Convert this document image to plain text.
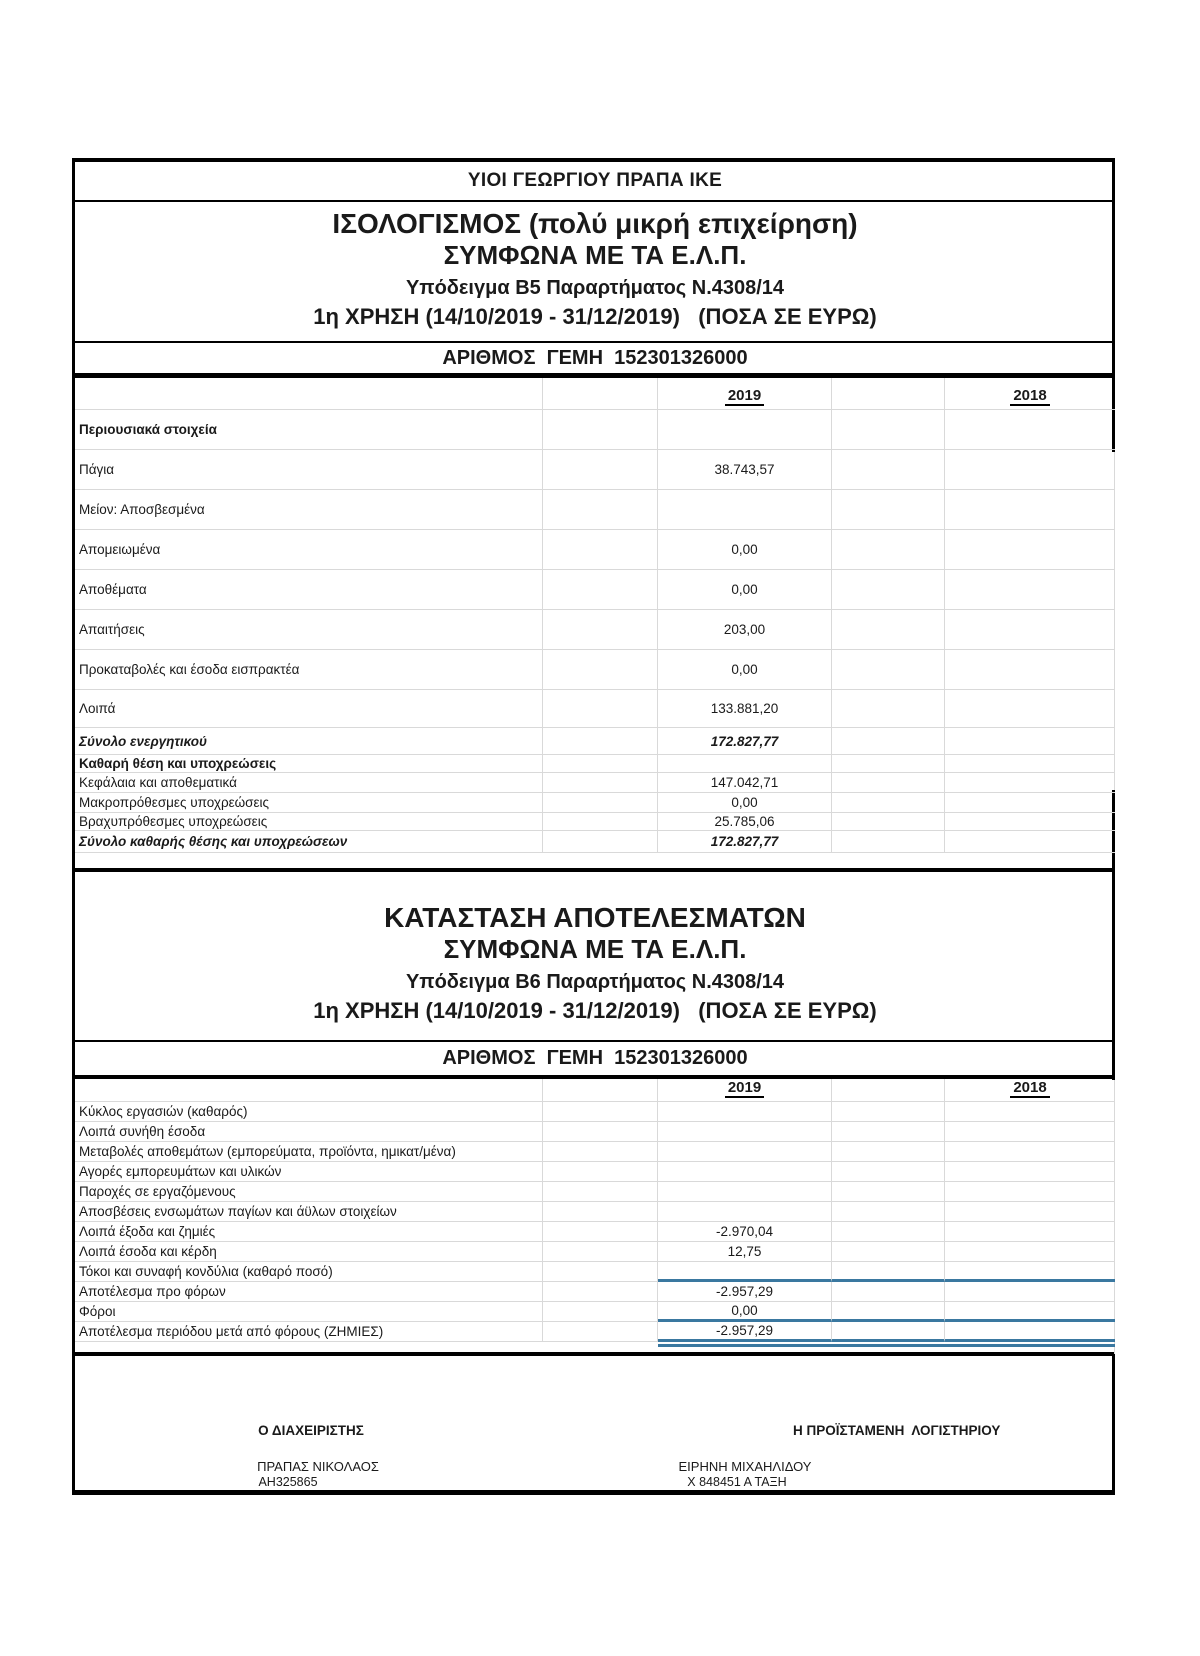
ΥΙΟΙ ΓΕΩΡΓΙΟΥ ΠΡΑΠΑ ΙΚΕ
ΙΣΟΛΟΓΙΣΜΟΣ (πολύ μικρή επιχείρηση)
ΣΥΜΦΩΝΑ ΜΕ ΤΑ Ε.Λ.Π.
Υπόδειγμα Β5 Παραρτήματος Ν.4308/14
1η ΧΡΗΣΗ (14/10/2019 - 31/12/2019)   (ΠΟΣΑ ΣΕ ΕΥΡΩ)
ΑΡΙΘΜΟΣ  ΓΕΜΗ  152301326000
2019	2018
Περιουσιακά στοιχεία
Πάγια	38.743,57
Μείον: Αποσβεσμένα
Απομειωμένα	0,00
Αποθέματα	0,00
Απαιτήσεις	203,00
Προκαταβολές και έσοδα εισπρακτέα	0,00
Λοιπά	133.881,20
Σύνολο ενεργητικού	172.827,77
Καθαρή θέση και υποχρεώσεις
Κεφάλαια και αποθεματικά	147.042,71
Μακροπρόθεσμες υποχρεώσεις	0,00
Βραχυπρόθεσμες υποχρεώσεις	25.785,06
Σύνολο καθαρής θέσης και υποχρεώσεων	172.827,77
ΚΑΤΑΣΤΑΣΗ ΑΠΟΤΕΛΕΣΜΑΤΩΝ
ΣΥΜΦΩΝΑ ΜΕ ΤΑ Ε.Λ.Π.
Υπόδειγμα Β6 Παραρτήματος Ν.4308/14
1η ΧΡΗΣΗ (14/10/2019 - 31/12/2019)   (ΠΟΣΑ ΣΕ ΕΥΡΩ)
ΑΡΙΘΜΟΣ  ΓΕΜΗ  152301326000
2019	2018
Κύκλος εργασιών (καθαρός)
Λοιπά συνήθη έσοδα
Μεταβολές αποθεμάτων (εμπορεύματα, προϊόντα, ημικατ/μένα)
Αγορές εμπορευμάτων και υλικών
Παροχές σε εργαζόμενους
Αποσβέσεις ενσωμάτων παγίων και άϋλων στοιχείων
Λοιπά έξοδα και ζημιές	-2.970,04
Λοιπά έσοδα και κέρδη	12,75
Τόκοι και συναφή κονδύλια (καθαρό ποσό)
Αποτέλεσμα προ φόρων	-2.957,29
Φόροι	0,00
Αποτέλεσμα περιόδου μετά από φόρους (ΖΗΜΙΕΣ)	-2.957,29
Ο ΔΙΑΧΕΙΡΙΣΤΗΣ	Η ΠΡΟΪΣΤΑΜΕΝΗ  ΛΟΓΙΣΤΗΡΙΟΥ
ΠΡΑΠΑΣ ΝΙΚΟΛΑΟΣ
ΑΗ325865
ΕΙΡΗΝΗ ΜΙΧΑΗΛΙΔΟΥ
Χ 848451 Α ΤΑΞΗ
